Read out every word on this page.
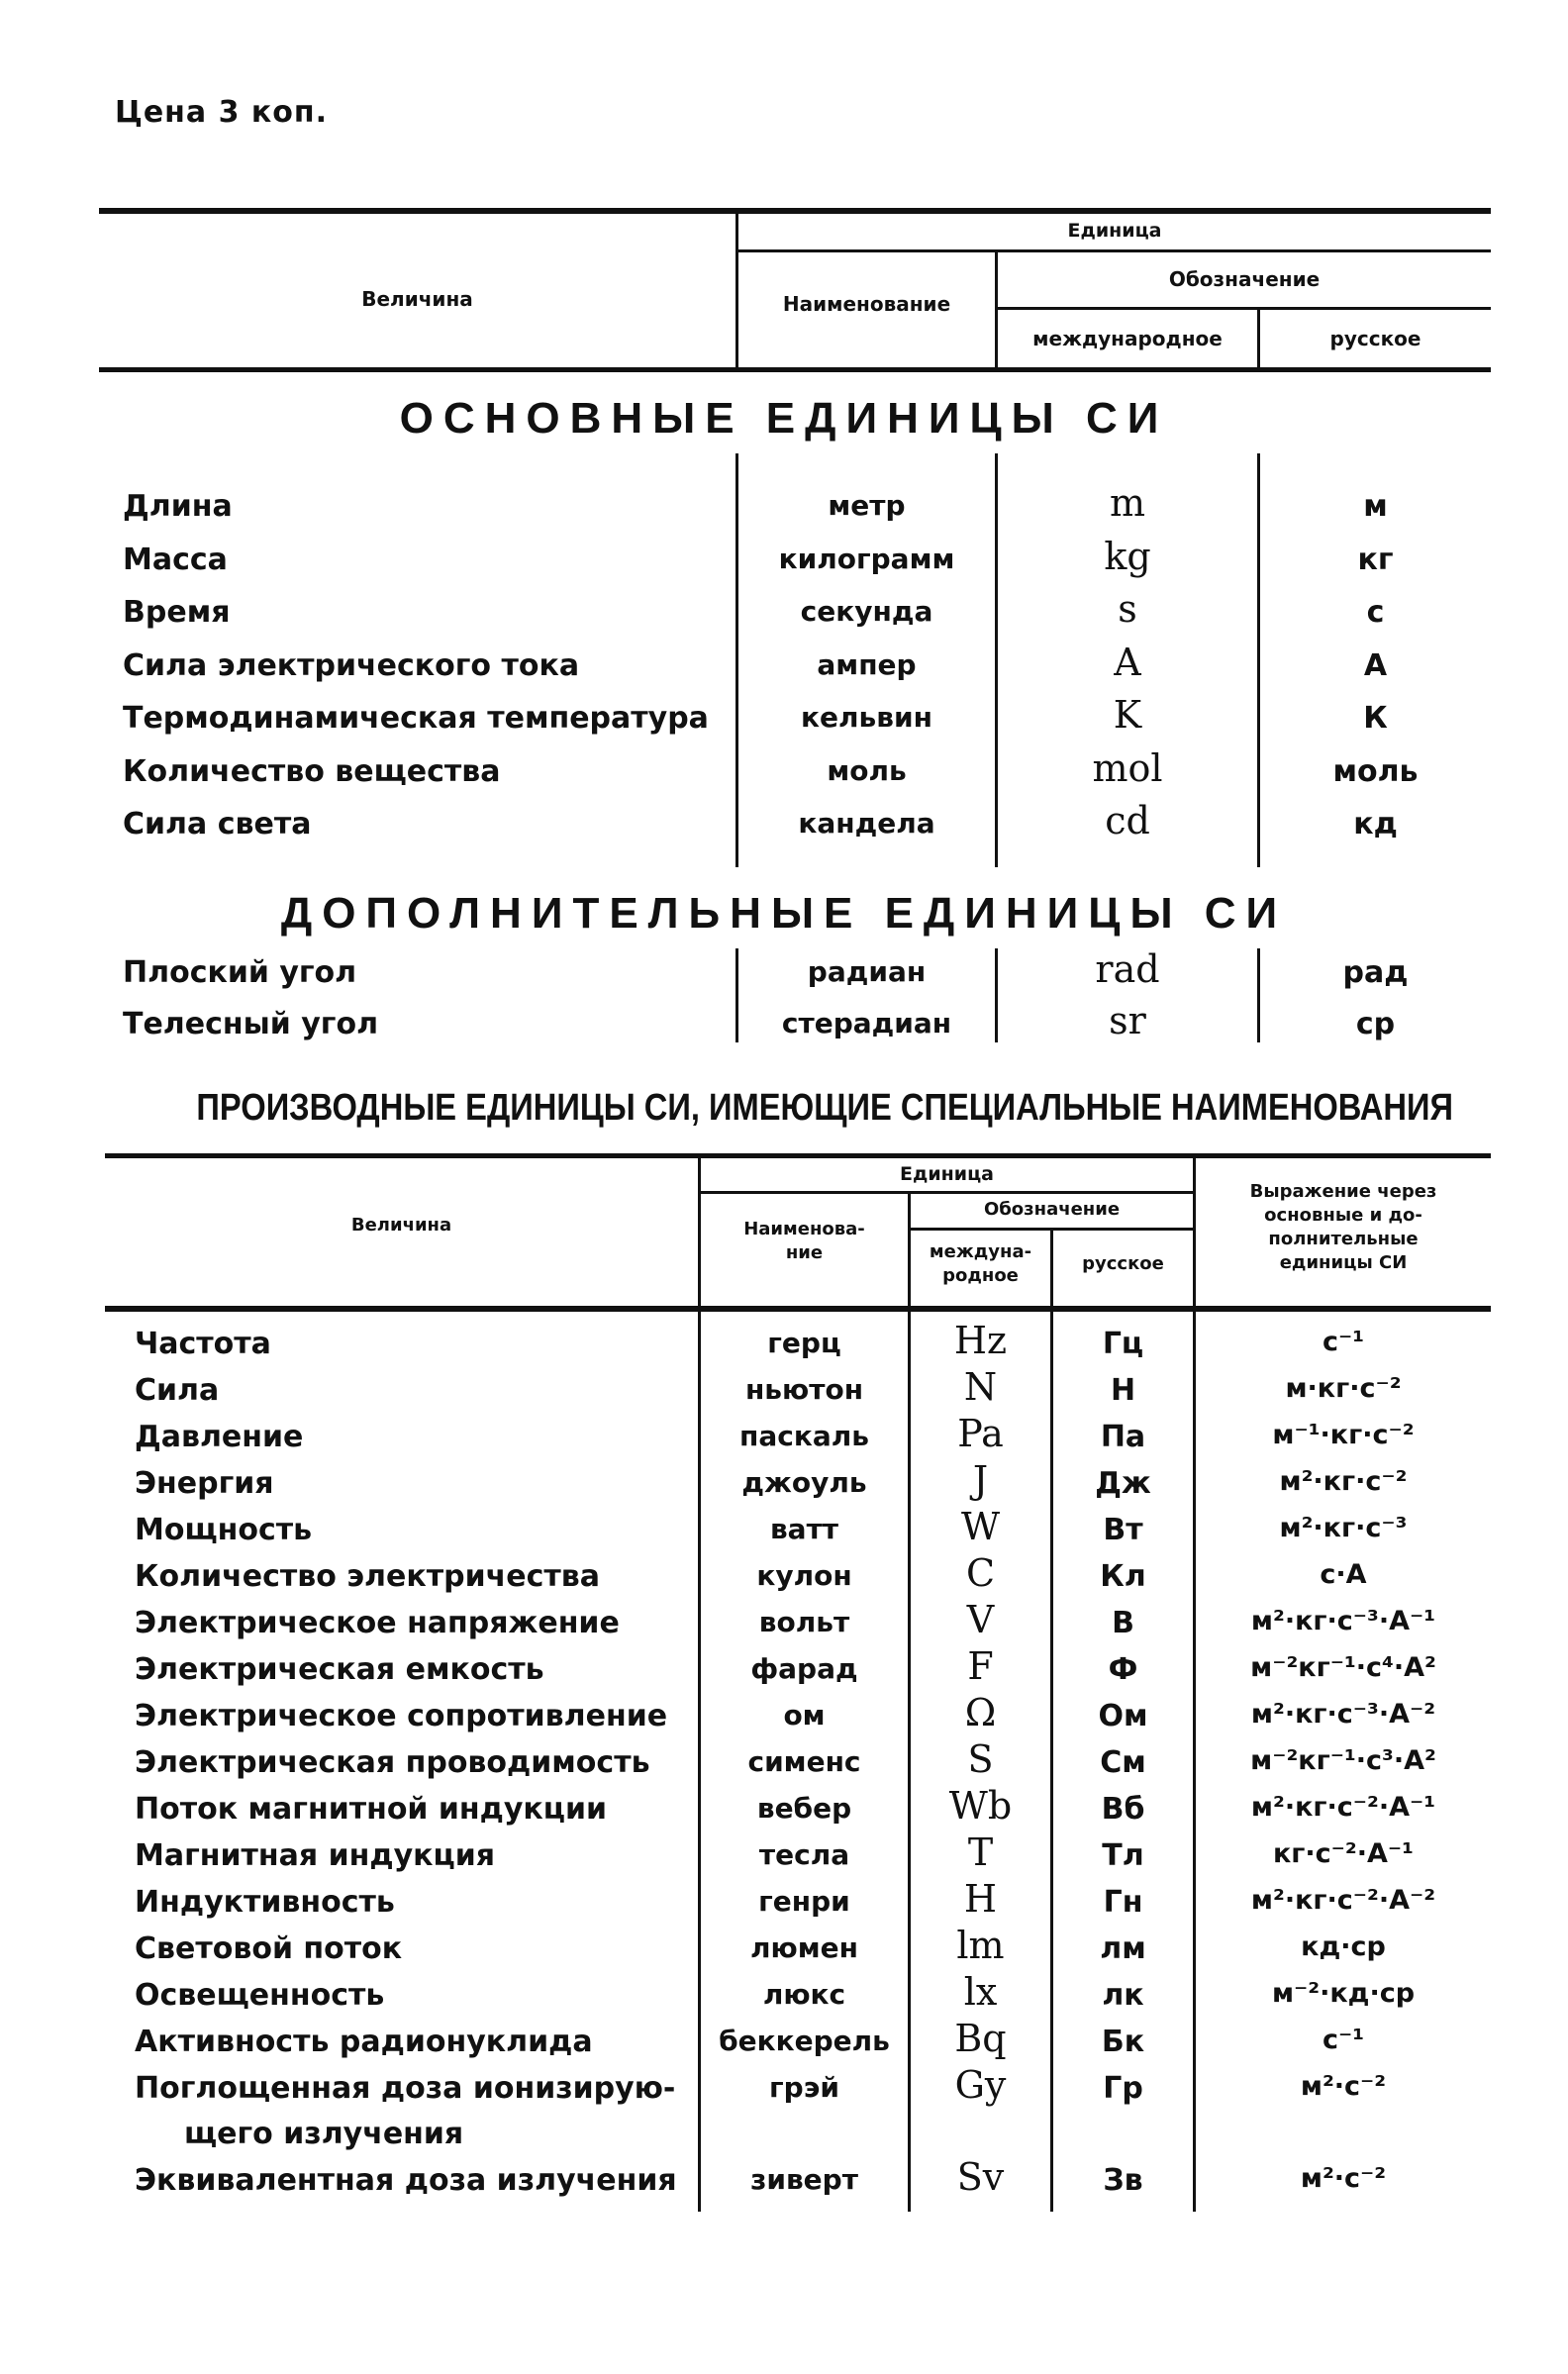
Цена 3 коп.
Величина
Единица
Наименование
Обозначение
международное	русское
ОСНОВНЫЕ ЕДИНИЦЫ СИ
Длина	метр	m	м
Масса	килограмм	kg	кг
Время	секунда	s	с
Сила электрического тока	ампер	A	А
Термодинамическая температура	кельвин	K	К
Количество вещества	моль	mol	моль
Сила света	кандела	cd	кд
ДОПОЛНИТЕЛЬНЫЕ ЕДИНИЦЫ СИ
Плоский угол	радиан	rad	рад
Телесный угол	стерадиан	sr	ср
ПРОИЗВОДНЫЕ ЕДИНИЦЫ СИ, ИМЕЮЩИЕ СПЕЦИАЛЬНЫЕ НАИМЕНОВАНИЯ
Величина
Единица
Наименова-
ние
Обозначение
междуна-
родное
русское
Выражение через
основные и до-
полнительные
единицы СИ
Частота	герц	Hz	Гц	с⁻¹
Сила	ньютон	N	Н	м·кг·с⁻²
Давление	паскаль	Pa	Па	м⁻¹·кг·с⁻²
Энергия	джоуль	J	Дж	м²·кг·с⁻²
Мощность	ватт	W	Вт	м²·кг·с⁻³
Количество электричества	кулон	C	Кл	с·А
Электрическое напряжение	вольт	V	В	м²·кг·с⁻³·А⁻¹
Электрическая емкость	фарад	F	Ф	м⁻²кг⁻¹·с⁴·А²
Электрическое сопротивление	ом	Ω	Ом	м²·кг·с⁻³·А⁻²
Электрическая проводимость	сименс	S	См	м⁻²кг⁻¹·с³·А²
Поток магнитной индукции	вебер	Wb	Вб	м²·кг·с⁻²·А⁻¹
Магнитная индукция	тесла	T	Тл	кг·с⁻²·А⁻¹
Индуктивность	генри	H	Гн	м²·кг·с⁻²·А⁻²
Световой поток	люмен	lm	лм	кд·ср
Освещенность	люкс	lx	лк	м⁻²·кд·ср
Активность радионуклида	беккерель	Bq	Бк	с⁻¹
Поглощенная доза ионизирую-	грэй	Gy	Гр	м²·с⁻²
щего излучения
Эквивалентная доза излучения	зиверт	Sv	Зв	м²·с⁻²
